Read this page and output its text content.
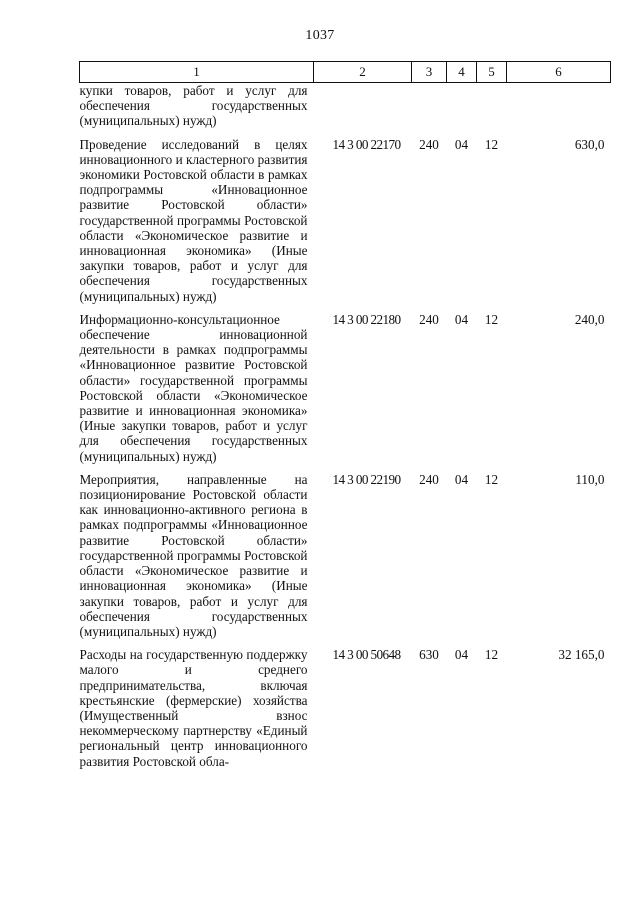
1037
1	2	3	4	5	6
купки товаров, работ и услуг для обеспечения государственных (муниципальных) нужд)					
Проведение исследований в целях инновационного и кластерного развития экономики Ростовской области в рамках подпрограммы «Инновационное развитие Ростовской области» государственной программы Ростовской области «Экономическое развитие и инновационная экономика» (Иные закупки товаров, работ и услуг для обеспечения государственных (муниципальных) нужд)	14 3 00 22170	240	04	12	630,0
Информационно-консультационное обеспечение инновационной деятельности в рамках подпрограммы «Инновационное развитие Ростовской области» государственной программы Ростовской области «Экономическое развитие и инновационная экономика» (Иные закупки товаров, работ и услуг для обеспечения государственных (муниципальных) нужд)	14 3 00 22180	240	04	12	240,0
Мероприятия, направленные на позиционирование Ростовской области как инновационно-активного региона в рамках подпрограммы «Инновационное развитие Ростовской области» государственной программы Ростовской области «Экономическое развитие и инновационная экономика» (Иные закупки товаров, работ и услуг для обеспечения государственных (муниципальных) нужд)	14 3 00 22190	240	04	12	110,0
Расходы на государственную поддержку малого и среднего предпринимательства, включая крестьянские (фермерские) хозяйства (Имущественный взнос некоммерческому партнерству «Единый региональный центр инновационного развития Ростовской обла-	14 3 00 50648	630	04	12	32 165,0
